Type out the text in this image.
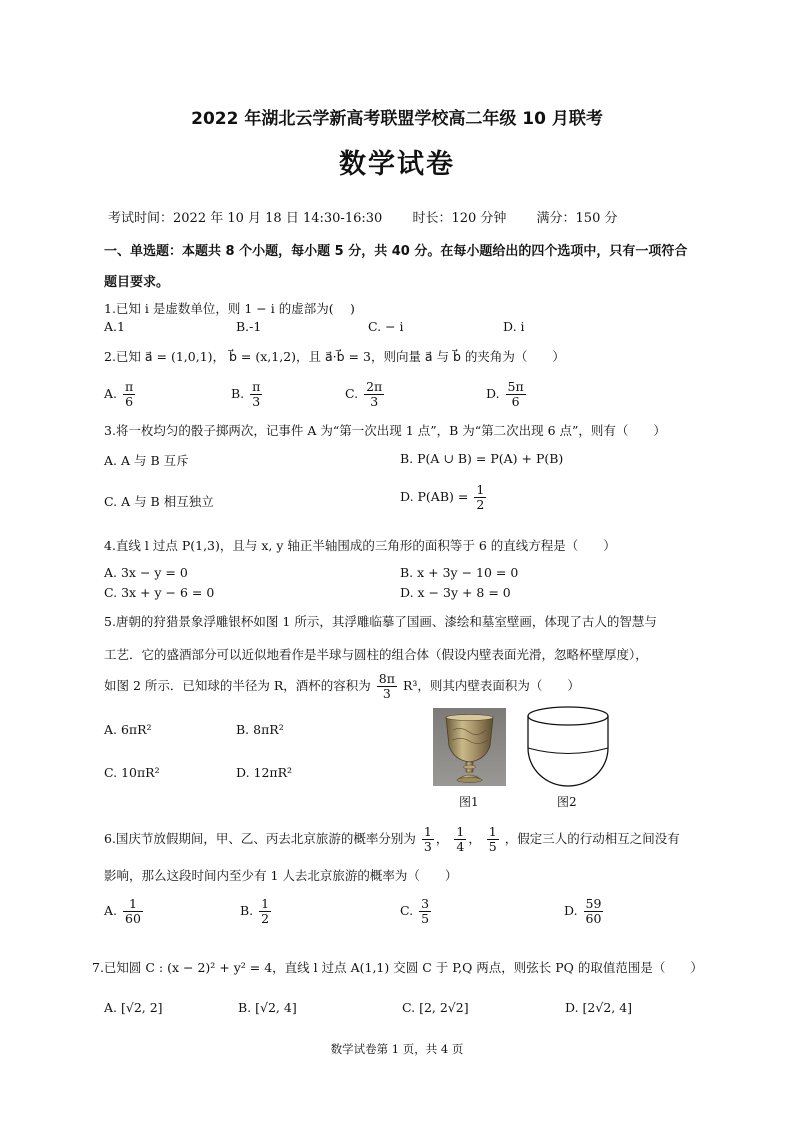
2022 年湖北云学新高考联盟学校高二年级 10 月联考
数学试卷
考试时间：2022 年 10 月 18 日 14:30-16:30 时长：120 分钟 满分：150 分
一、单选题：本题共 8 个小题，每小题 5 分，共 40 分。在每小题给出的四个选项中，只有一项符合
题目要求。
1.已知 i 是虚数单位，则 1 − i 的虚部为(　 )
A.1	B.-1	C. − i	D. i
2.已知 a⃗ = (1,0,1)， b⃗ = (x,1,2)，且 a⃗·b⃗ = 3，则向量 a⃗ 与 b⃗ 的夹角为（　　）
A. $\frac{\pi}{6}$	B. $\frac{\pi}{3}$	C. $\frac{2\pi}{3}$	D. $\frac{5\pi}{6}$
3.将一枚均匀的骰子掷两次，记事件 A 为“第一次出现 1 点”，B 为“第二次出现 6 点”，则有（　　）
A. A 与 B 互斥	B. P(A ∪ B) = P(A) + P(B)
C. A 与 B 相互独立	D. $P(AB) = \frac{1}{2}$
4.直线 l 过点 P(1,3)，且与 x, y 轴正半轴围成的三角形的面积等于 6 的直线方程是（　　）
A. 3x − y = 0	B. x + 3y − 10 = 0
C. 3x + y − 6 = 0	D. x − 3y + 8 = 0
5.唐朝的狩猎景象浮雕银杯如图 1 所示，其浮雕临摹了国画、漆绘和墓室壁画，体现了古人的智慧与
工艺．它的盛酒部分可以近似地看作是半球与圆柱的组合体（假设内壁表面光滑，忽略杯壁厚度），
如图 2 所示．已知球的半径为 R，酒杯的容积为 $\frac{8\pi}{3} R^3$，则其内壁表面积为（　　）
A. 6πR²	B. 8πR²
C. 10πR²	D. 12πR²
图1	图2
6.国庆节放假期间，甲、乙、丙去北京旅游的概率分别为 $\frac{1}{3}$ ， $\frac{1}{4}$ ， $\frac{1}{5}$ ，假定三人的行动相互之间没有
影响，那么这段时间内至少有 1 人去北京旅游的概率为（　　）
A. $\frac{1}{60}$	B. $\frac{1}{2}$	C. $\frac{3}{5}$	D. $\frac{59}{60}$
7.已知圆 C : (x − 2)² + y² = 4，直线 l 过点 A(1,1) 交圆 C 于 P,Q 两点，则弦长 PQ 的取值范围是（　　）
A. [√2, 2]	B. [√2, 4]	C. [2, 2√2]	D. [2√2, 4]
数学试卷第 1 页，共 4 页
